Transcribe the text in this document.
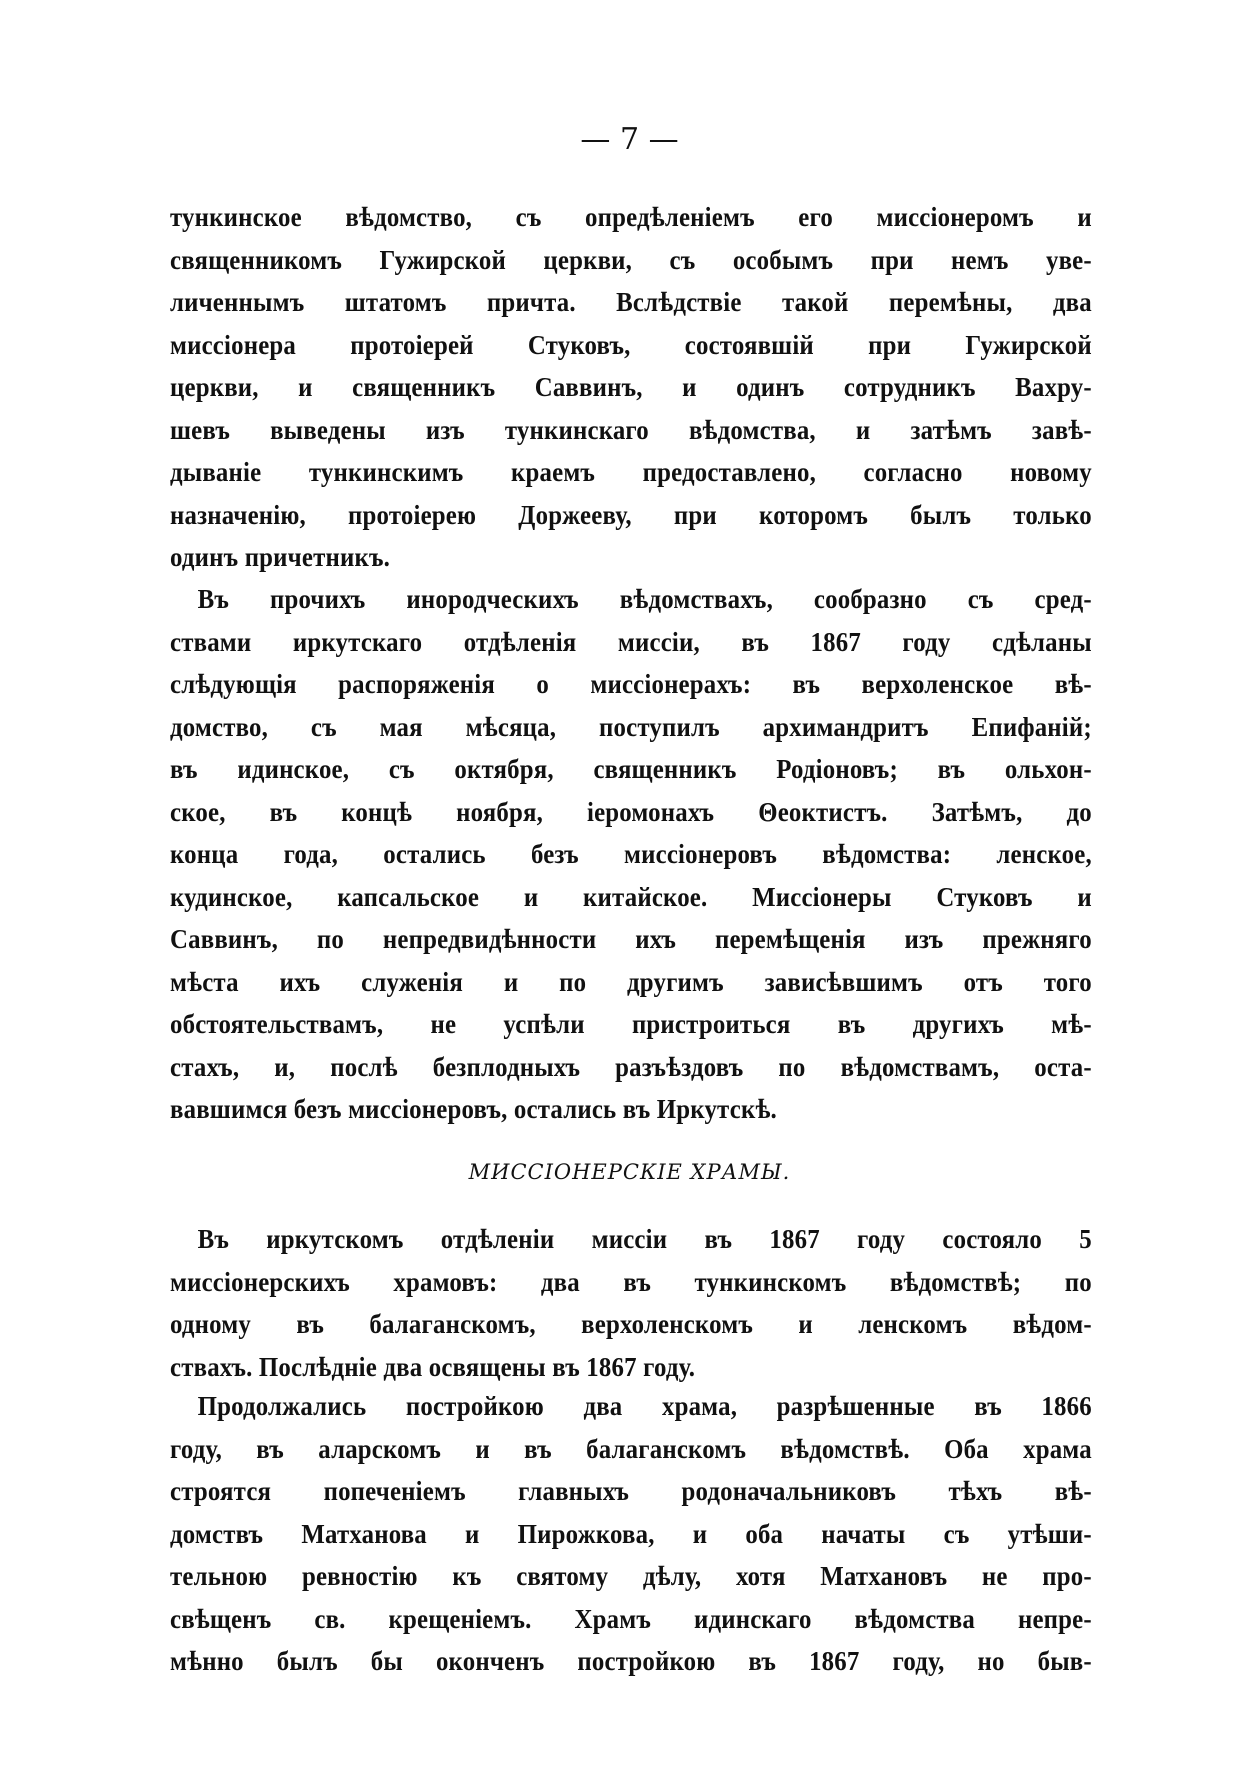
— 7 —
тункинское вѣдомство, съ опредѣленіемъ его миссіонеромъ и
священникомъ Гужирской церкви, съ особымъ при немъ уве-
личеннымъ штатомъ причта. Вслѣдствіе такой перемѣны, два
миссіонера протоіерей Стуковъ, состоявшій при Гужирской
церкви, и священникъ Саввинъ, и одинъ сотрудникъ Вахру-
шевъ выведены изъ тункинскаго вѣдомства, и затѣмъ завѣ-
дываніе тункинскимъ краемъ предоставлено, согласно новому
назначенію, протоіерею Доржееву, при которомъ былъ только
одинъ причетникъ.
Въ прочихъ инородческихъ вѣдомствахъ, сообразно съ сред-
ствами иркутскаго отдѣленія миссіи, въ 1867 году сдѣланы
слѣдующія распоряженія о миссіонерахъ: въ верхоленское вѣ-
домство, съ мая мѣсяца, поступилъ архимандритъ Епифаній;
въ идинское, съ октября, священникъ Родіоновъ; въ ольхон-
ское, въ концѣ ноября, іеромонахъ Θеоктистъ. Затѣмъ, до
конца года, остались безъ миссіонеровъ вѣдомства: ленское,
кудинское, капсальское и китайское. Миссіонеры Стуковъ и
Саввинъ, по непредвидѣнности ихъ перемѣщенія изъ прежняго
мѣста ихъ служенія и по другимъ зависѣвшимъ отъ того
обстоятельствамъ, не успѣли пристроиться въ другихъ мѣ-
стахъ, и, послѣ безплодныхъ разъѣздовъ по вѣдомствамъ, оста-
вавшимся безъ миссіонеровъ, остались въ Иркутскѣ.
МИССІОНЕРСКІЕ ХРАМЫ.
Въ иркутскомъ отдѣленіи миссіи въ 1867 году состояло 5
миссіонерскихъ храмовъ: два въ тункинскомъ вѣдомствѣ; по
одному въ балаганскомъ, верхоленскомъ и ленскомъ вѣдом-
ствахъ. Послѣдніе два освящены въ 1867 году.
Продолжались постройкою два храма, разрѣшенные въ 1866
году, въ аларскомъ и въ балаганскомъ вѣдомствѣ. Оба храма
строятся попеченіемъ главныхъ родоначальниковъ тѣхъ вѣ-
домствъ Матханова и Пирожкова, и оба начаты съ утѣши-
тельною ревностію къ святому дѣлу, хотя Матхановъ не про-
свѣщенъ св. крещеніемъ. Храмъ идинскаго вѣдомства непре-
мѣнно былъ бы оконченъ постройкою въ 1867 году, но быв-
